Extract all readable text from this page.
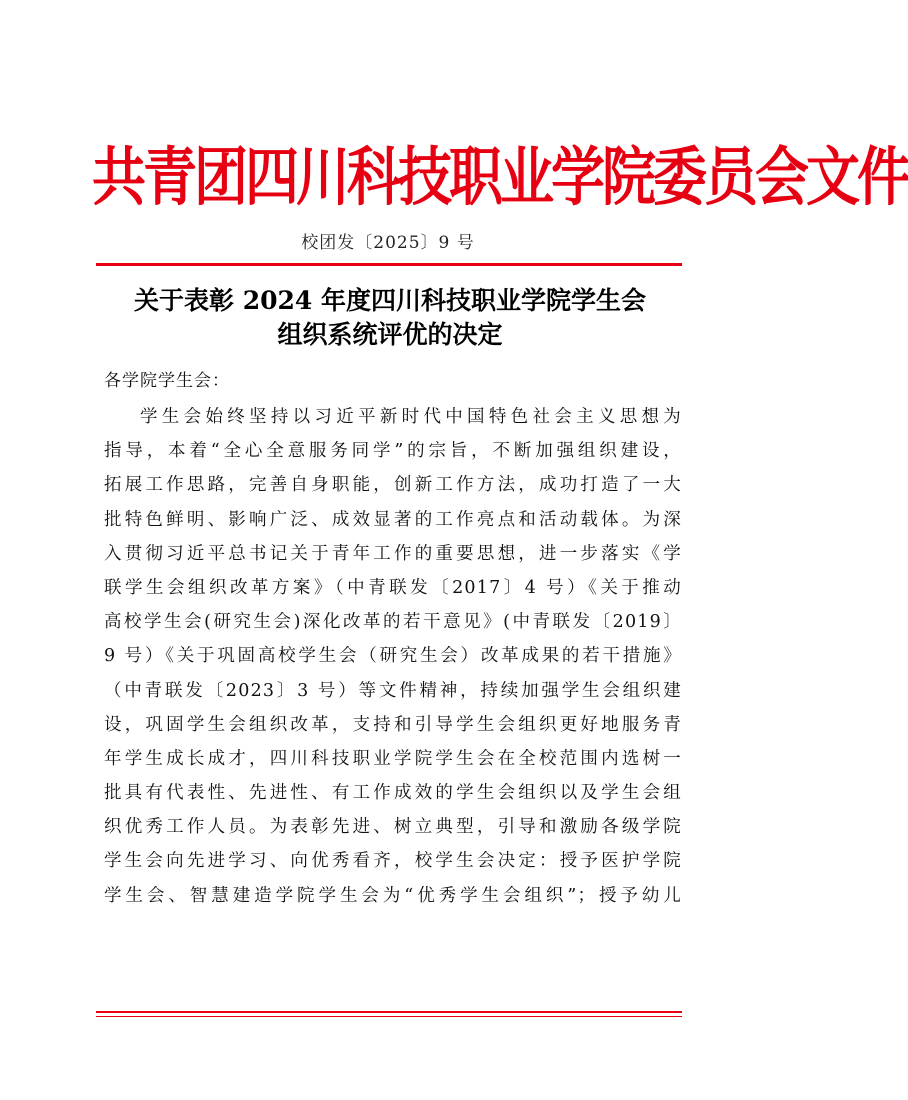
共青团四川科技职业学院委员会文件
校团发〔2025〕9 号
关于表彰 2024 年度四川科技职业学院学生会
组织系统评优的决定
各学院学生会：
学生会始终坚持以习近平新时代中国特色社会主义思想为
指导，本着“全心全意服务同学”的宗旨，不断加强组织建设，
拓展工作思路，完善自身职能，创新工作方法，成功打造了一大
批特色鲜明、影响广泛、成效显著的工作亮点和活动载体。为深
入贯彻习近平总书记关于青年工作的重要思想，进一步落实《学
联学生会组织改革方案》（中青联发〔2017〕4 号）《关于推动
高校学生会(研究生会)深化改革的若干意见》(中青联发〔2019〕
9 号）《关于巩固高校学生会（研究生会）改革成果的若干措施》
（中青联发〔2023〕3 号）等文件精神，持续加强学生会组织建
设，巩固学生会组织改革，支持和引导学生会组织更好地服务青
年学生成长成才，四川科技职业学院学生会在全校范围内选树一
批具有代表性、先进性、有工作成效的学生会组织以及学生会组
织优秀工作人员。为表彰先进、树立典型，引导和激励各级学院
学生会向先进学习、向优秀看齐，校学生会决定：授予医护学院
学生会、智慧建造学院学生会为“优秀学生会组织”；授予幼儿
